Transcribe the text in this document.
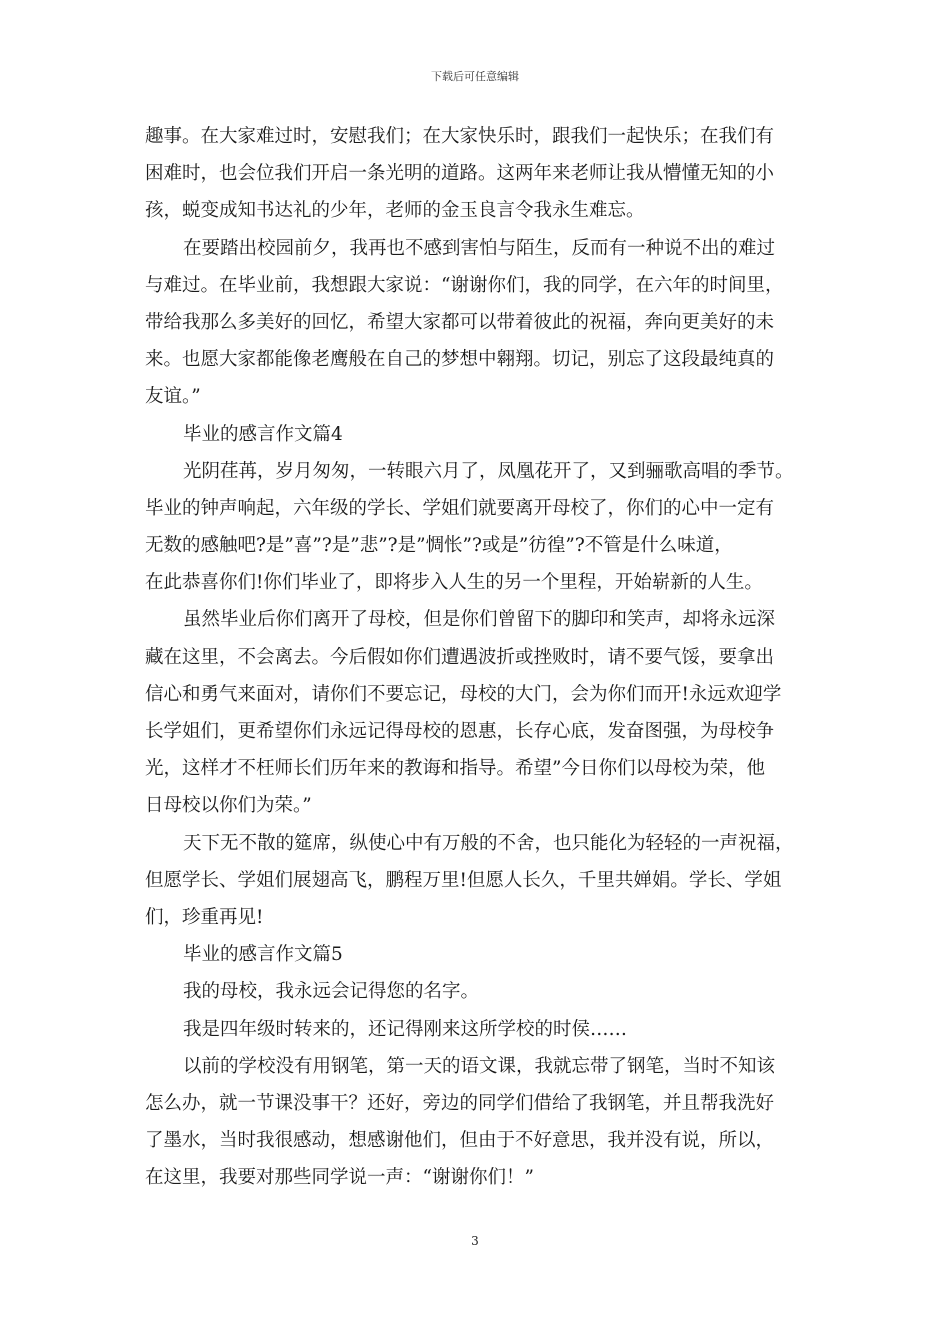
下载后可任意编辑
趣事。在大家难过时，安慰我们；在大家快乐时，跟我们一起快乐；在我们有
困难时，也会位我们开启一条光明的道路。这两年来老师让我从懵懂无知的小
孩，蜕变成知书达礼的少年，老师的金玉良言令我永生难忘。
在要踏出校园前夕，我再也不感到害怕与陌生，反而有一种说不出的难过
与难过。在毕业前，我想跟大家说：“谢谢你们，我的同学，在六年的时间里，
带给我那么多美好的回忆，希望大家都可以带着彼此的祝福，奔向更美好的未
来。也愿大家都能像老鹰般在自己的梦想中翱翔。切记，别忘了这段最纯真的
友谊。”
毕业的感言作文篇4
光阴荏苒，岁月匆匆，一转眼六月了，凤凰花开了，又到骊歌高唱的季节。
毕业的钟声响起，六年级的学长、学姐们就要离开母校了，你们的心中一定有
无数的感触吧?是”喜”?是”悲”?是”惆怅”?或是”彷徨”?不管是什么味道，
在此恭喜你们!你们毕业了，即将步入人生的另一个里程，开始崭新的人生。
虽然毕业后你们离开了母校，但是你们曾留下的脚印和笑声，却将永远深
藏在这里，不会离去。今后假如你们遭遇波折或挫败时，请不要气馁，要拿出
信心和勇气来面对，请你们不要忘记，母校的大门，会为你们而开!永远欢迎学
长学姐们，更希望你们永远记得母校的恩惠，长存心底，发奋图强，为母校争
光，这样才不枉师长们历年来的教诲和指导。希望”今日你们以母校为荣，他
日母校以你们为荣。”
天下无不散的筵席，纵使心中有万般的不舍，也只能化为轻轻的一声祝福，
但愿学长、学姐们展翅高飞，鹏程万里!但愿人长久，千里共婵娟。学长、学姐
们，珍重再见!
毕业的感言作文篇5
我的母校，我永远会记得您的名字。
我是四年级时转来的，还记得刚来这所学校的时侯……
以前的学校没有用钢笔，第一天的语文课，我就忘带了钢笔，当时不知该
怎么办，就一节课没事干？还好，旁边的同学们借给了我钢笔，并且帮我洗好
了墨水，当时我很感动，想感谢他们，但由于不好意思，我并没有说，所以，
在这里，我要对那些同学说一声：“谢谢你们！”
3
